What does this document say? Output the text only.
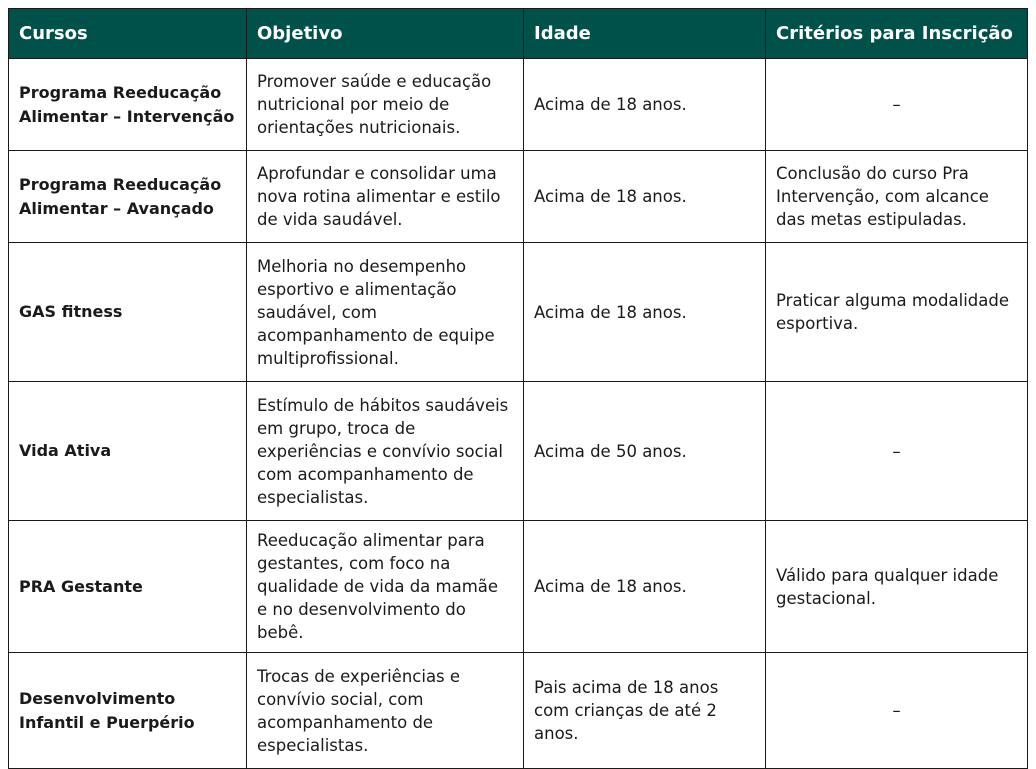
Cursos	Objetivo	Idade	Critérios para Inscrição
Programa Reeducação Alimentar – Intervenção	Promover saúde e educação nutricional por meio de orientações nutricionais.	Acima de 18 anos.	–
Programa Reeducação Alimentar – Avançado	Aprofundar e consolidar uma nova rotina alimentar e estilo de vida saudável.	Acima de 18 anos.	Conclusão do curso Pra Intervenção, com alcance das metas estipuladas.
GAS fitness	Melhoria no desempenho esportivo e alimentação saudável, com acompanhamento de equipe multiprofissional.	Acima de 18 anos.	Praticar alguma modalidade esportiva.
Vida Ativa	Estímulo de hábitos saudáveis em grupo, troca de experiências e convívio social com acompanhamento de especialistas.	Acima de 50 anos.	–
PRA Gestante	Reeducação alimentar para gestantes, com foco na qualidade de vida da mamãe e no desenvolvimento do bebê.	Acima de 18 anos.	Válido para qualquer idade gestacional.
Desenvolvimento Infantil e Puerpério	Trocas de experiências e convívio social, com acompanhamento de especialistas.	Pais acima de 18 anos com crianças de até 2 anos.	–
